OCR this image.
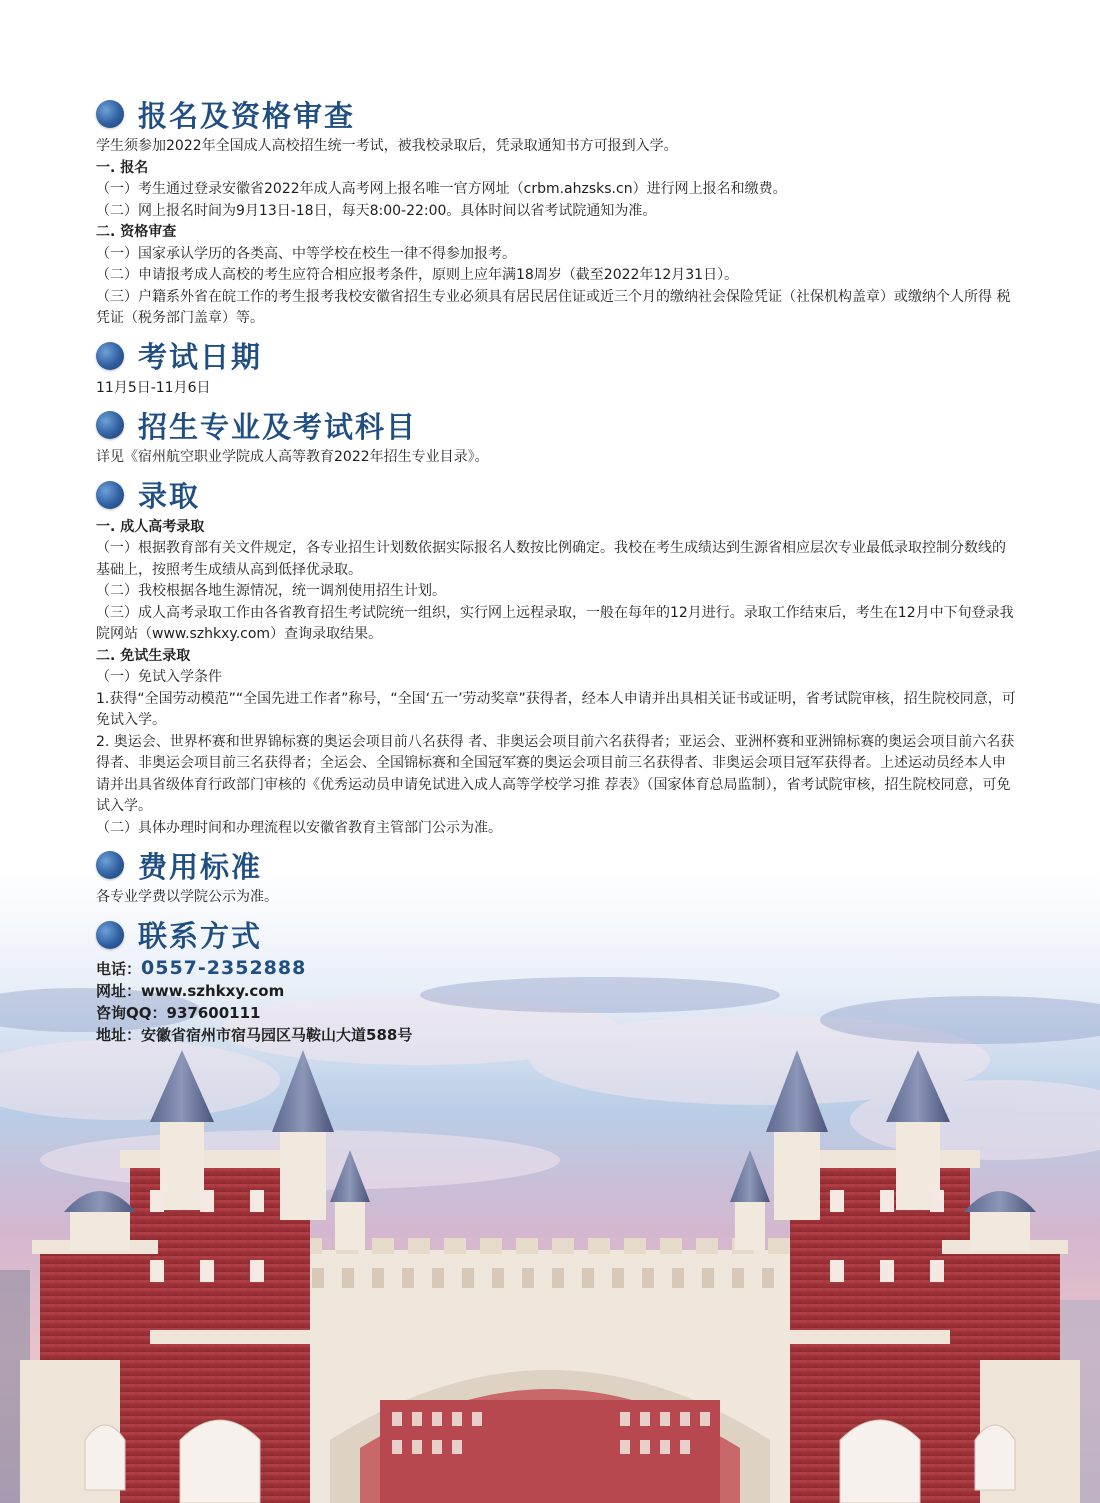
报名及资格审查
学生须参加2022年全国成人高校招生统一考试，被我校录取后，凭录取通知书方可报到入学。
一. 报名
（一）考生通过登录安徽省2022年成人高考网上报名唯一官方网址（crbm.ahzsks.cn）进行网上报名和缴费。
（二）网上报名时间为9月13日-18日，每天8:00-22:00。具体时间以省考试院通知为准。
二. 资格审查
（一）国家承认学历的各类高、中等学校在校生一律不得参加报考。
（二）申请报考成人高校的考生应符合相应报考条件，原则上应年满18周岁（截至2022年12月31日）。
（三）户籍系外省在皖工作的考生报考我校安徽省招生专业必须具有居民居住证或近三个月的缴纳社会保险凭证（社保机构盖章）或缴纳个人所得 税凭证（税务部门盖章）等。
考试日期
11月5日-11月6日
招生专业及考试科目
详见《宿州航空职业学院成人高等教育2022年招生专业目录》。
录取
一. 成人高考录取
（一）根据教育部有关文件规定，各专业招生计划数依据实际报名人数按比例确定。我校在考生成绩达到生源省相应层次专业最低录取控制分数线的基础上，按照考生成绩从高到低择优录取。
（二）我校根据各地生源情况，统一调剂使用招生计划。
（三）成人高考录取工作由各省教育招生考试院统一组织，实行网上远程录取，一般在每年的12月进行。录取工作结束后，考生在12月中下旬登录我院网站（www.szhkxy.com）查询录取结果。
二. 免试生录取
（一）免试入学条件
1.获得“全国劳动模范”“全国先进工作者”称号，“全国‘五一’劳动奖章”获得者，经本人申请并出具相关证书或证明，省考试院审核，招生院校同意，可免试入学。
2. 奥运会、世界杯赛和世界锦标赛的奥运会项目前八名获得 者、非奥运会项目前六名获得者；亚运会、亚洲杯赛和亚洲锦标赛的奥运会项目前六名获得者、非奥运会项目前三名获得者；全运会、全国锦标赛和全国冠军赛的奥运会项目前三名获得者、非奥运会项目冠军获得者。上述运动员经本人申请并出具省级体育行政部门审核的《优秀运动员申请免试进入成人高等学校学习推 荐表》（国家体育总局监制），省考试院审核，招生院校同意，可免试入学。
（二）具体办理时间和办理流程以安徽省教育主管部门公示为准。
费用标准
各专业学费以学院公示为准。
联系方式
电话：0557-2352888
网址：www.szhkxy.com
咨询QQ：937600111
地址：安徽省宿州市宿马园区马鞍山大道588号
